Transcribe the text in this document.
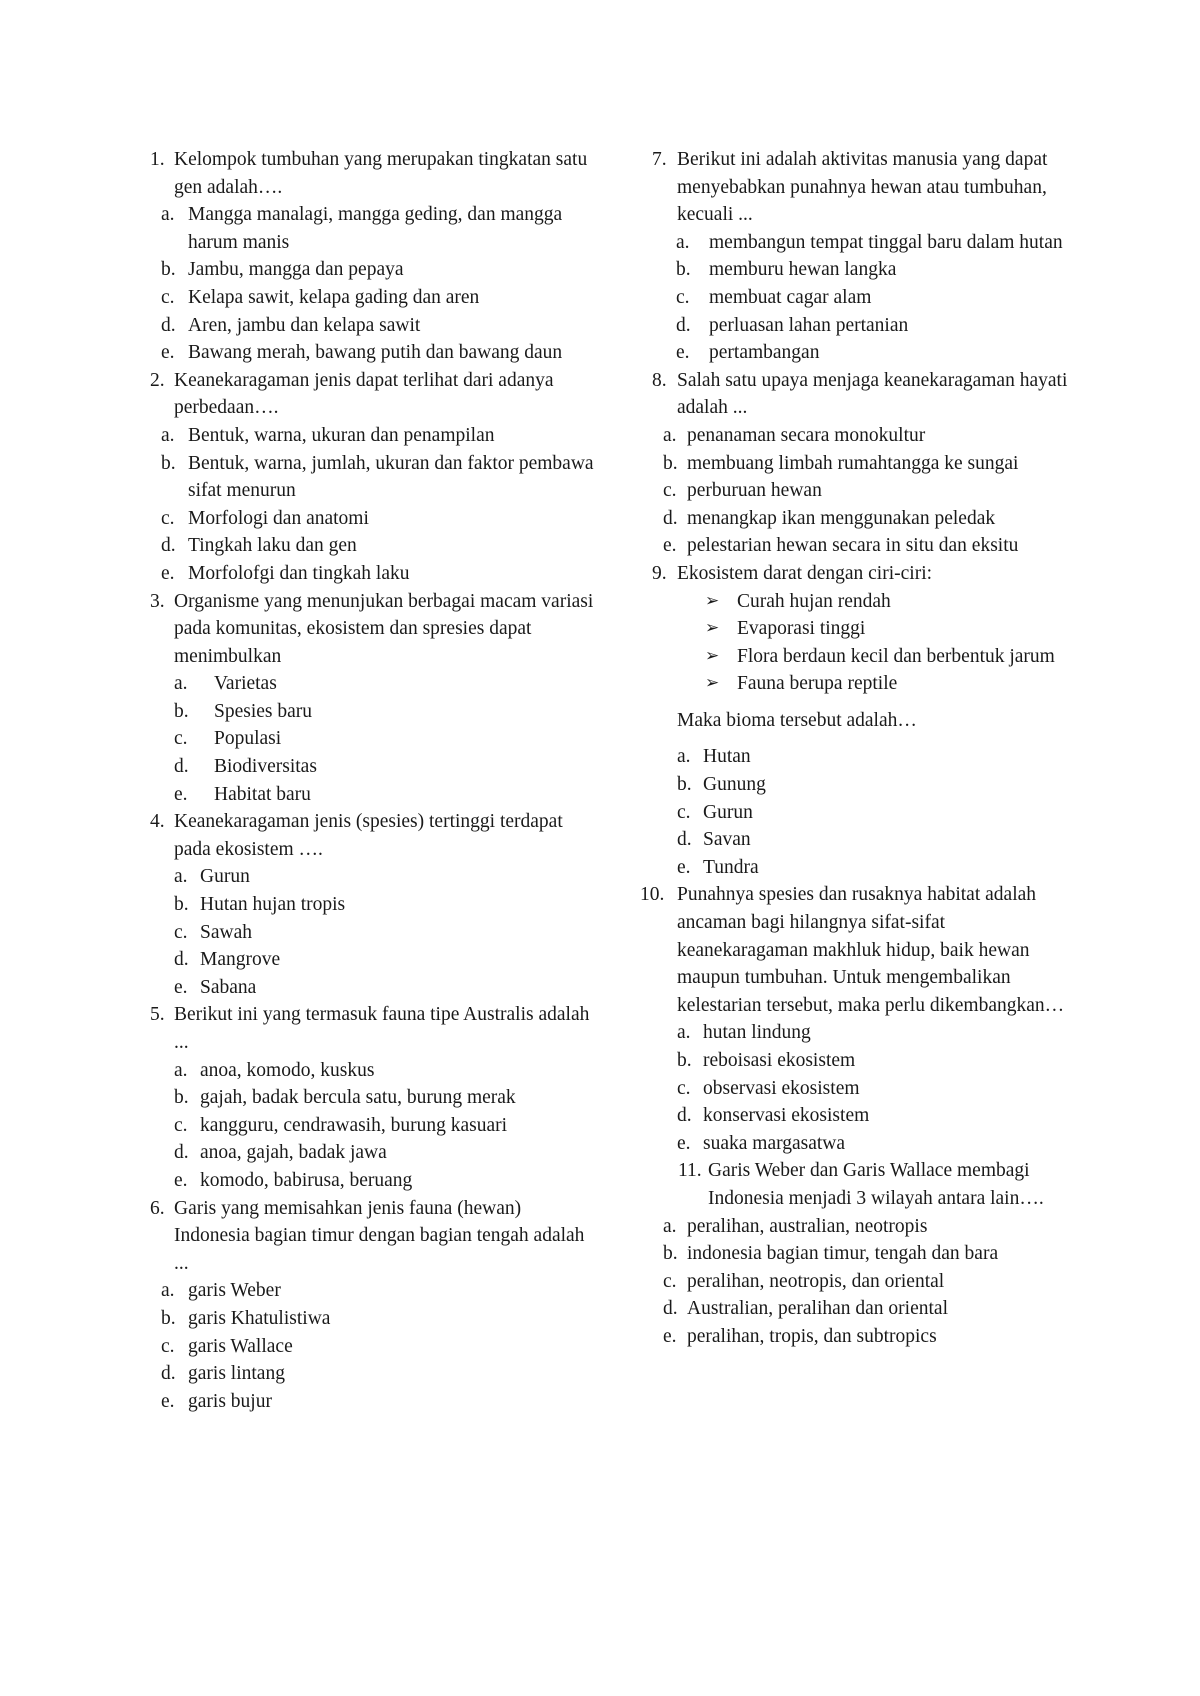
1. Kelompok tumbuhan yang merupakan tingkatan satu gen adalah….
a. Mangga manalagi, mangga geding, dan mangga harum manis
b. Jambu, mangga dan pepaya
c. Kelapa sawit, kelapa gading dan aren
d. Aren, jambu dan kelapa sawit
e. Bawang merah, bawang putih dan bawang daun
2. Keanekaragaman jenis dapat terlihat dari adanya perbedaan….
a. Bentuk, warna, ukuran dan penampilan
b. Bentuk, warna, jumlah, ukuran dan faktor pembawa sifat menurun
c. Morfologi dan anatomi
d. Tingkah laku dan gen
e. Morfolofgi dan tingkah laku
3. Organisme yang menunjukan berbagai macam variasi pada komunitas, ekosistem dan spresies dapat menimbulkan
a.	Varietas
b.	Spesies baru
c.	Populasi
d.	Biodiversitas
e.	Habitat baru
4. Keanekaragaman jenis (spesies) tertinggi terdapat pada ekosistem ….
a. Gurun
b. Hutan hujan tropis
c. Sawah
d. Mangrove
e. Sabana
5. Berikut ini yang termasuk fauna tipe Australis adalah ...
a. anoa, komodo, kuskus
b. gajah, badak bercula satu, burung merak
c. kangguru, cendrawasih, burung kasuari
d. anoa, gajah, badak jawa
e. komodo, babirusa, beruang
6. Garis yang memisahkan jenis fauna (hewan) Indonesia bagian timur dengan bagian tengah adalah ...
a. garis Weber
b. garis Khatulistiwa
c. garis Wallace
d. garis lintang
e. garis bujur
7. Berikut ini adalah aktivitas manusia yang dapat menyebabkan punahnya hewan atau tumbuhan, kecuali ...
a. membangun tempat tinggal baru dalam hutan
b. memburu hewan langka
c. membuat cagar alam
d. perluasan lahan pertanian
e. pertambangan
8. Salah satu upaya menjaga keanekaragaman hayati adalah ...
a. penanaman secara monokultur
b. membuang limbah rumahtangga ke sungai
c. perburuan hewan
d. menangkap ikan menggunakan peledak
e. pelestarian hewan secara in situ dan eksitu
9. Ekosistem darat dengan ciri-ciri:
➢ Curah hujan rendah
➢ Evaporasi tinggi
➢ Flora berdaun kecil dan berbentuk jarum
➢ Fauna berupa reptile
Maka bioma tersebut adalah…
a. Hutan
b. Gunung
c. Gurun
d. Savan
e. Tundra
10. Punahnya spesies dan rusaknya habitat adalah ancaman bagi hilangnya sifat-sifat keanekaragaman makhluk hidup, baik hewan maupun tumbuhan. Untuk mengembalikan kelestarian tersebut, maka perlu dikembangkan…
a. hutan lindung
b. reboisasi ekosistem
c. observasi ekosistem
d. konservasi ekosistem
e. suaka margasatwa
11. Garis Weber dan Garis Wallace membagi Indonesia menjadi 3 wilayah antara lain….
a. peralihan, australian, neotropis
b. indonesia bagian timur, tengah dan bara
c. peralihan, neotropis, dan oriental
d. Australian, peralihan dan oriental
e. peralihan, tropis, dan subtropics
